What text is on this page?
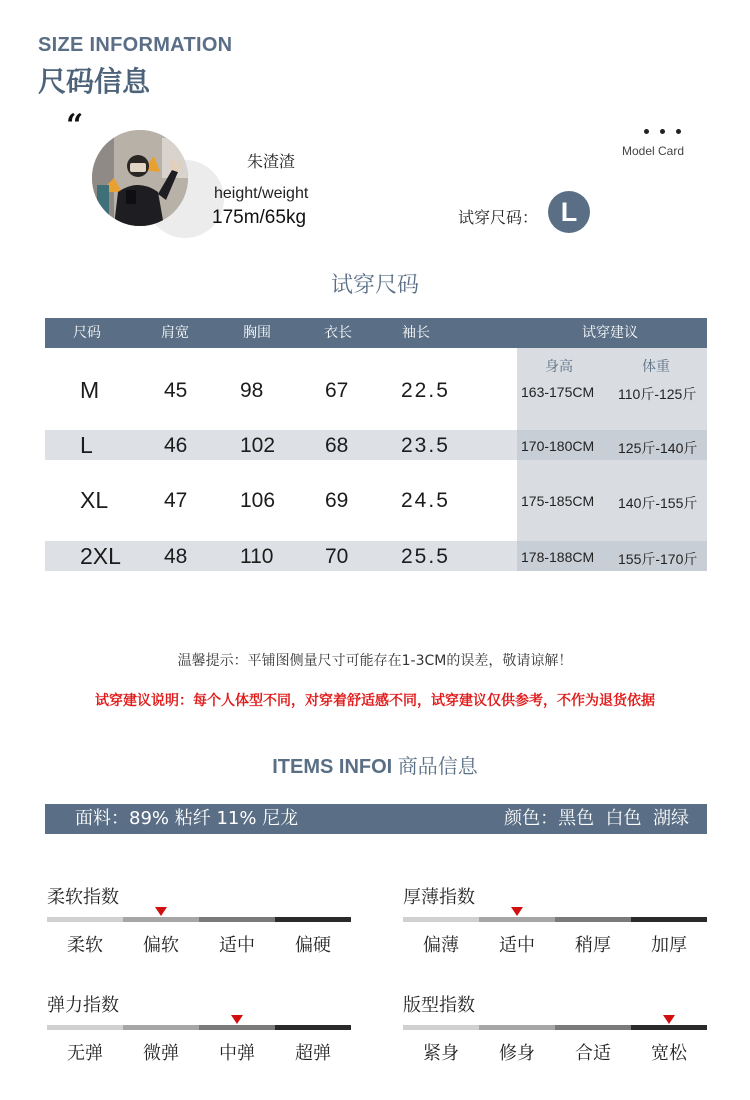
SIZE INFORMATION
尺码信息
“
朱渣渣
height/weight
175m/65kg
Model Card
试穿尺码： L
试穿尺码
尺码	肩宽	胸围	衣长	袖长	试穿建议
身高	体重
M	45	98	67	22.5	163-175CM 110斤-125斤
L	46	102 68	23.5	170-180CM 125斤-140斤
XL	47	106 69	24.5	175-185CM 140斤-155斤
2XL 48	110 70	25.5	178-188CM 155斤-170斤
温馨提示：平铺图侧量尺寸可能存在1-3CM的误差，敬请谅解！
试穿建议说明：每个人体型不同，对穿着舒适感不同，试穿建议仅供参考，不作为退货依据
ITEMS INFOI 商品信息
面料：89% 粘纤 11% 尼龙	颜色：黑色  白色  湖绿
柔软指数
柔软	偏软	适中	偏硬
厚薄指数
偏薄	适中	稍厚	加厚
弹力指数
无弹	微弹	中弹	超弹
版型指数
紧身	修身	合适	宽松
